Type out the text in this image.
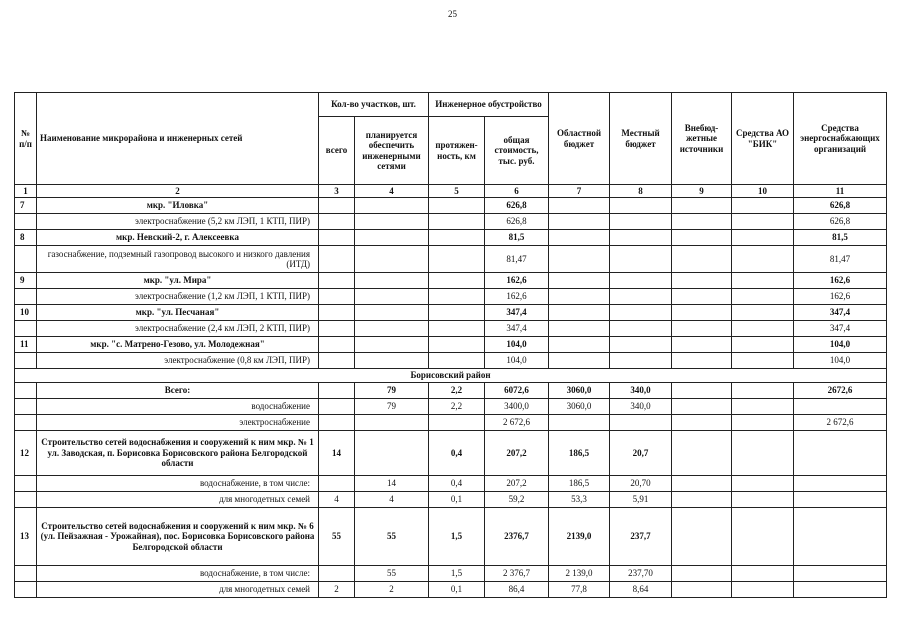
25
№ п/п	Наименование микрорайона и инженерных сетей	Кол-во участков, шт.		Инженерное обустройство		Областной бюджет	Местный бюджет	Внебюд-жетные источники	Средства АО "БИК"	Средства энергоснабжающих организаций
		всего	планируется обеспечить инженерными сетями	протяжен-ность, км	общая стоимость, тыс. руб.					
1	2	3	4	5	6	7	8	9	10	11
7	мкр. "Иловка"				626,8					626,8
	электроснабжение (5,2 км ЛЭП, 1 КТП, ПИР)				626,8					626,8
8	мкр. Невский-2, г. Алексеевка				81,5					81,5
	газоснабжение, подземный газопровод высокого и низкого давления (ИТД)				81,47					81,47
9	мкр. "ул. Мира"				162,6					162,6
	электроснабжение (1,2 км ЛЭП, 1 КТП, ПИР)				162,6					162,6
10	мкр. "ул. Песчаная"				347,4					347,4
	электроснабжение (2,4 км ЛЭП, 2 КТП, ПИР)				347,4					347,4
11	мкр. "с. Матрено-Гезово, ул. Молодежная"				104,0					104,0
	электроснабжение (0,8 км ЛЭП, ПИР)				104,0					104,0
Борисовский район										
	Всего:		79	2,2	6072,6	3060,0	340,0			2672,6
	водоснабжение		79	2,2	3400,0	3060,0	340,0			
	электроснабжение				2 672,6					2 672,6
12	Строительство сетей водоснабжения и сооружений к ним мкр. № 1 ул. Заводская, п. Борисовка Борисовского района Белгородской области	14		0,4	207,2	186,5	20,7			
	водоснабжение, в том числе:		14	0,4	207,2	186,5	20,70			
	для многодетных семей	4	4	0,1	59,2	53,3	5,91			
13	Строительство сетей водоснабжения и сооружений к ним мкр. № 6 (ул. Пейзажная - Урожайная), пос. Борисовка Борисовского района Белгородской области	55	55	1,5	2376,7	2139,0	237,7			
	водоснабжение, в том числе:		55	1,5	2 376,7	2 139,0	237,70			
	для многодетных семей	2	2	0,1	86,4	77,8	8,64			
